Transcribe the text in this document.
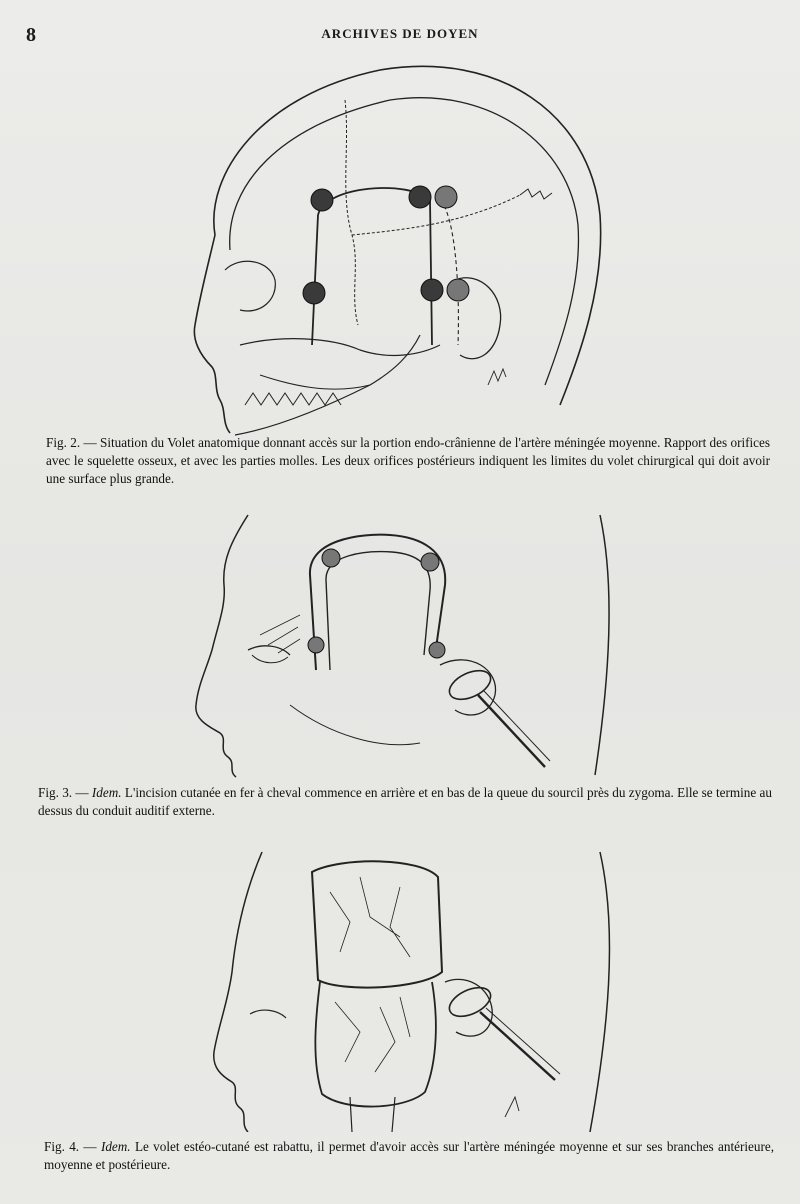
8	ARCHIVES DE DOYEN
Fig. 2. — Situation du Volet anatomique donnant accès sur la portion endo-crânienne de l'artère méningée moyenne. Rapport des orifices avec le squelette osseux, et avec les parties molles. Les deux orifices postérieurs indiquent les limites du volet chirurgical qui doit avoir une surface plus grande.
Fig. 3. — Idem. L'incision cutanée en fer à cheval commence en arrière et en bas de la queue du sourcil près du zygoma. Elle se termine au dessus du conduit auditif externe.
Fig. 4. — Idem. Le volet estéo-cutané est rabattu, il permet d'avoir accès sur l'artère méningée moyenne et sur ses branches antérieure, moyenne et postérieure.
